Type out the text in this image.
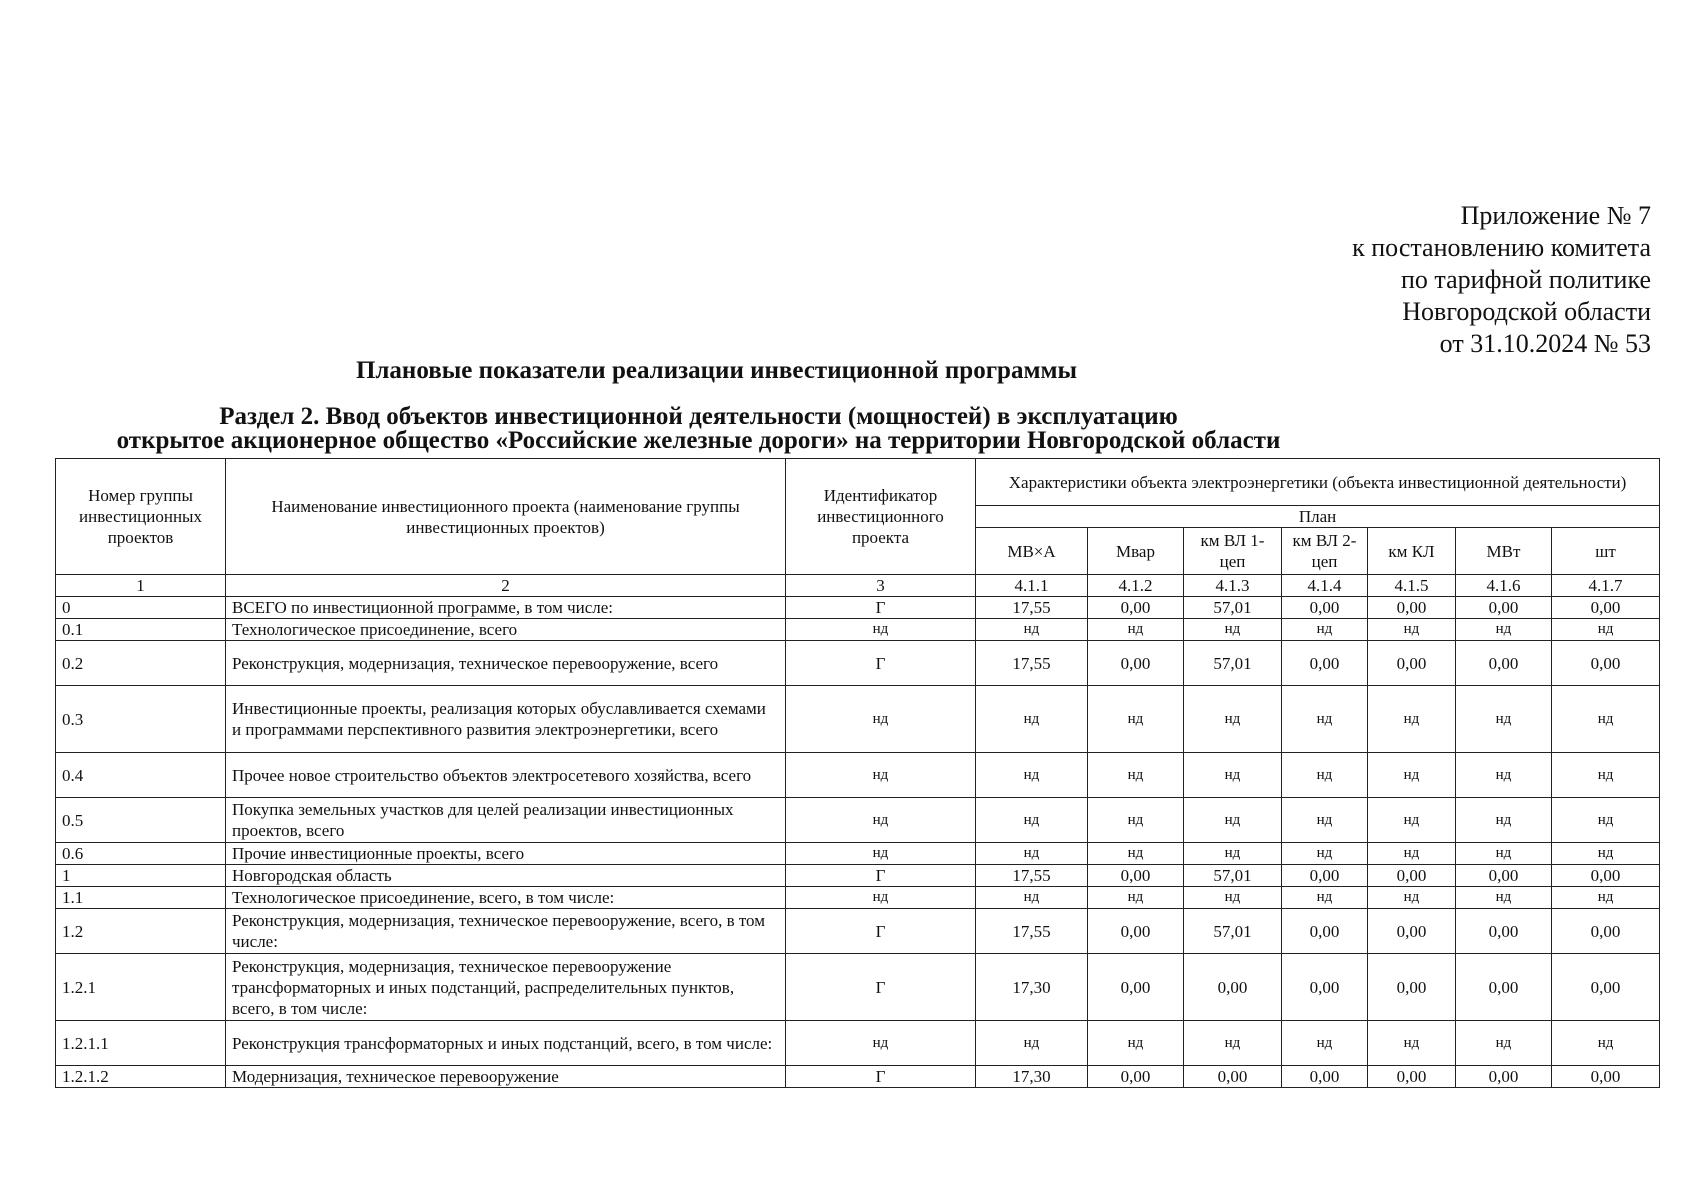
Приложение № 7
к постановлению комитета
по тарифной политике
Новгородской области
от 31.10.2024 № 53
Плановые показатели реализации инвестиционной программы
Раздел 2. Ввод объектов инвестиционной деятельности (мощностей) в эксплуатацию
открытое акционерное общество «Российские железные дороги» на территории Новгородской области
Номер группы инвестиционных проектов	Наименование инвестиционного проекта (наименование группы инвестиционных проектов)	Идентификатор инвестиционного проекта	Характеристики объекта электроэнергетики (объекта инвестиционной деятельности)						
			План						
			МВ×А	Мвар	км ВЛ 1-цеп	км ВЛ 2-цеп	км КЛ	МВт	шт
1	2	3	4.1.1	4.1.2	4.1.3	4.1.4	4.1.5	4.1.6	4.1.7
0	ВСЕГО по инвестиционной программе, в том числе:	Г	17,55	0,00	57,01	0,00	0,00	0,00	0,00
0.1	Технологическое присоединение, всего	нд	нд	нд	нд	нд	нд	нд	нд
0.2	Реконструкция, модернизация, техническое перевооружение, всего	Г	17,55	0,00	57,01	0,00	0,00	0,00	0,00
0.3	Инвестиционные проекты, реализация которых обуславливается схемами и программами перспективного развития электроэнергетики, всего	нд	нд	нд	нд	нд	нд	нд	нд
0.4	Прочее новое строительство объектов электросетевого хозяйства, всего	нд	нд	нд	нд	нд	нд	нд	нд
0.5	Покупка земельных участков для целей реализации инвестиционных проектов, всего	нд	нд	нд	нд	нд	нд	нд	нд
0.6	Прочие инвестиционные проекты, всего	нд	нд	нд	нд	нд	нд	нд	нд
1	Новгородская область	Г	17,55	0,00	57,01	0,00	0,00	0,00	0,00
1.1	Технологическое присоединение, всего, в том числе:	нд	нд	нд	нд	нд	нд	нд	нд
1.2	Реконструкция, модернизация, техническое перевооружение, всего, в том числе:	Г	17,55	0,00	57,01	0,00	0,00	0,00	0,00
1.2.1	Реконструкция, модернизация, техническое перевооружение трансформаторных и иных подстанций, распределительных пунктов, всего, в том числе:	Г	17,30	0,00	0,00	0,00	0,00	0,00	0,00
1.2.1.1	Реконструкция трансформаторных и иных подстанций, всего, в том числе:	нд	нд	нд	нд	нд	нд	нд	нд
1.2.1.2	Модернизация, техническое перевооружение	Г	17,30	0,00	0,00	0,00	0,00	0,00	0,00
